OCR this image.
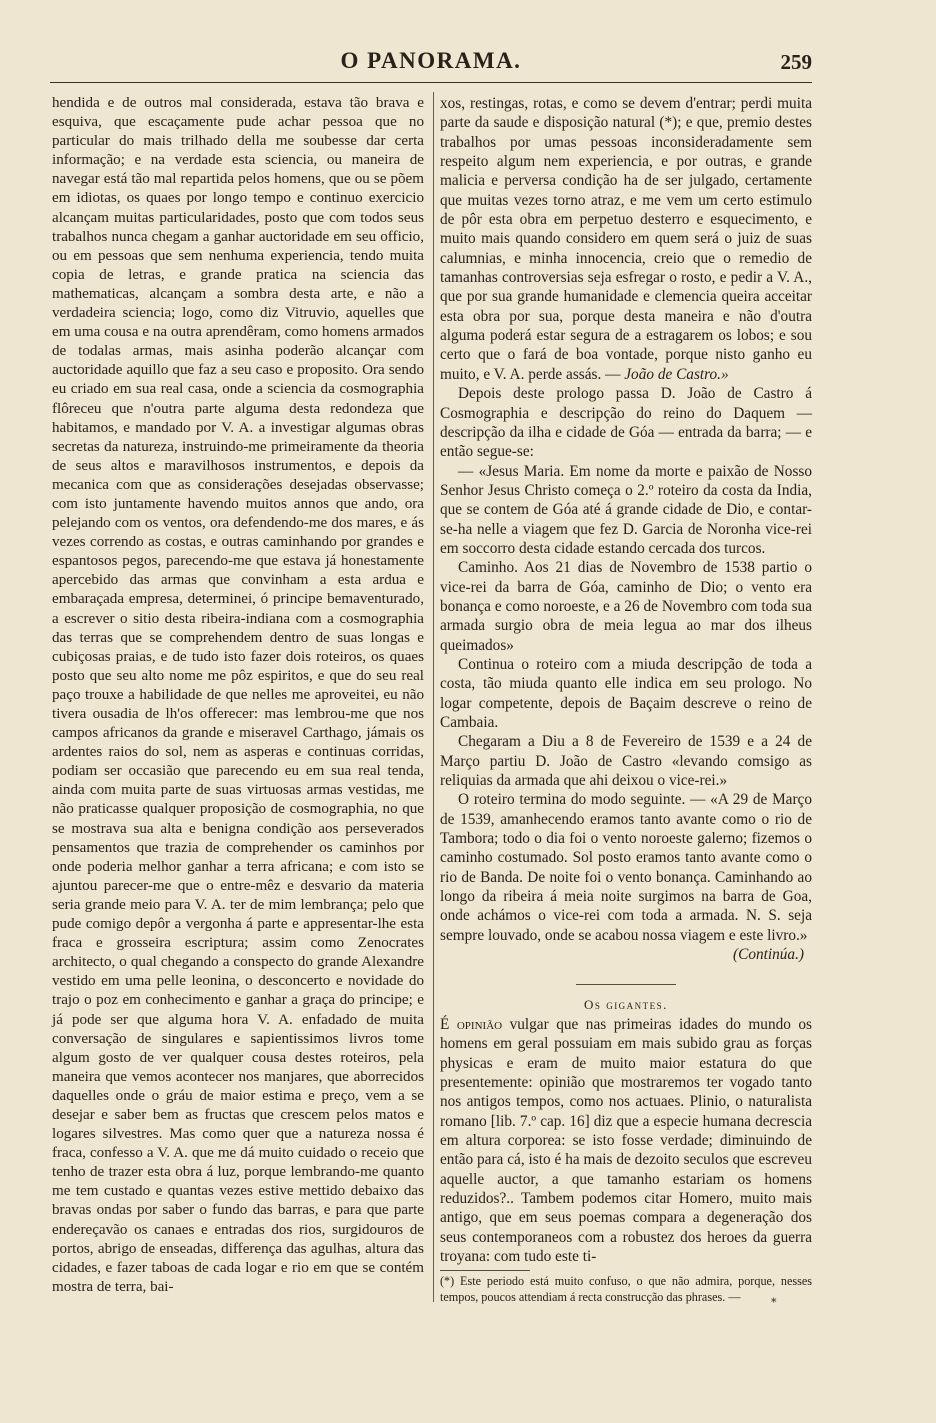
O PANORAMA.	259

hendida e de outros mal considerada, estava tão brava e esquiva, que escaçamente pude achar pessoa que no particular do mais trilhado della me soubesse dar certa informação; e na verdade esta sciencia, ou maneira de navegar está tão mal repartida pelos homens, que ou se põem em idiotas, os quaes por longo tempo e continuo exercicio alcançam muitas particularidades, posto que com todos seus trabalhos nunca chegam a ganhar auctoridade em seu officio, ou em pessoas que sem nenhuma experiencia, tendo muita copia de letras, e grande pratica na sciencia das mathematicas, alcançam a sombra desta arte, e não a verdadeira sciencia; logo, como diz Vitruvio, aquelles que em uma cousa e na outra aprendêram, como homens armados de todalas armas, mais asinha poderão alcançar com auctoridade aquillo que faz a seu caso e proposito. Ora sendo eu criado em sua real casa, onde a sciencia da cosmographia flôreceu que n'outra parte alguma desta redondeza que habitamos, e mandado por V. A. a investigar algumas obras secretas da natureza, instruindo-me primeiramente da theoria de seus altos e maravilhosos instrumentos, e depois da mecanica com que as considerações desejadas observasse; com isto juntamente havendo muitos annos que ando, ora pelejando com os ventos, ora defendendo-me dos mares, e ás vezes correndo as costas, e outras caminhando por grandes e espantosos pegos, parecendo-me que estava já honestamente apercebido das armas que convinham a esta ardua e embaraçada empresa, determinei, ó principe bemaventurado, a escrever o sitio desta ribeira-indiana com a cosmographia das terras que se comprehendem dentro de suas longas e cubiçosas praias, e de tudo isto fazer dois roteiros, os quaes posto que seu alto nome me pôz espiritos, e que do seu real paço trouxe a habilidade de que nelles me aproveitei, eu não tivera ousadia de lh'os offerecer: mas lembrou-me que nos campos africanos da grande e miseravel Carthago, jámais os ardentes raios do sol, nem as asperas e continuas corridas, podiam ser occasião que parecendo eu em sua real tenda, ainda com muita parte de suas virtuosas armas vestidas, me não praticasse qualquer proposição de cosmographia, no que se mostrava sua alta e benigna condição aos perseverados pensamentos que trazia de comprehender os caminhos por onde poderia melhor ganhar a terra africana; e com isto se ajuntou parecer-me que o entre-mêz e desvario da materia seria grande meio para V. A. ter de mim lembrança; pelo que pude comigo depôr a vergonha á parte e appresentar-lhe esta fraca e grosseira escriptura; assim como Zenocrates architecto, o qual chegando a conspecto do grande Alexandre vestido em uma pelle leonina, o desconcerto e novidade do trajo o poz em conhecimento e ganhar a graça do principe; e já pode ser que alguma hora V. A. enfadado de muita conversação de singulares e sapientissimos livros tome algum gosto de ver qualquer cousa destes roteiros, pela maneira que vemos acontecer nos manjares, que aborrecidos daquelles onde o gráu de maior estima e preço, vem a se desejar e saber bem as fructas que crescem pelos matos e logares silvestres. Mas como quer que a natureza nossa é fraca, confesso a V. A. que me dá muito cuidado o receio que tenho de trazer esta obra á luz, porque lembrando-me quanto me tem custado e quantas vezes estive mettido debaixo das bravas ondas por saber o fundo das barras, e para que parte endereçavão os canaes e entradas dos rios, surgidouros de portos, abrigo de enseadas, differença das agulhas, altura das cidades, e fazer taboas de cada logar e rio em que se contém mostra de terra, bai-

xos, restingas, rotas, e como se devem d'entrar; perdi muita parte da saude e disposição natural (*); e que, premio destes trabalhos por umas pessoas inconsideradamente sem respeito algum nem experiencia, e por outras, e grande malicia e perversa condição ha de ser julgado, certamente que muitas vezes torno atraz, e me vem um certo estimulo de pôr esta obra em perpetuo desterro e esquecimento, e muito mais quando considero em quem será o juiz de suas calumnias, e minha innocencia, creio que o remedio de tamanhas controversias seja esfregar o rosto, e pedir a V. A., que por sua grande humanidade e clemencia queira acceitar esta obra por sua, porque desta maneira e não d'outra alguma poderá estar segura de a estragarem os lobos; e sou certo que o fará de boa vontade, porque nisto ganho eu muito, e V. A. perde assás. — João de Castro.»

Depois deste prologo passa D. João de Castro á Cosmographia e descripção do reino do Daquem — descripção da ilha e cidade de Góa — entrada da barra; — e então segue-se:

— «Jesus Maria. Em nome da morte e paixão de Nosso Senhor Jesus Christo começa o 2.º roteiro da costa da India, que se contem de Góa até á grande cidade de Dio, e contar-se-ha nelle a viagem que fez D. Garcia de Noronha vice-rei em soccorro desta cidade estando cercada dos turcos.

Caminho. Aos 21 dias de Novembro de 1538 partio o vice-rei da barra de Góa, caminho de Dio; o vento era bonança e como noroeste, e a 26 de Novembro com toda sua armada surgio obra de meia legua ao mar dos ilheus queimados»

Continua o roteiro com a miuda descripção de toda a costa, tão miuda quanto elle indica em seu prologo. No logar competente, depois de Baçaim descreve o reino de Cambaia.

Chegaram a Diu a 8 de Fevereiro de 1539 e a 24 de Março partiu D. João de Castro «levando comsigo as reliquias da armada que ahi deixou o vice-rei.»

O roteiro termina do modo seguinte. — «A 29 de Março de 1539, amanhecendo eramos tanto avante como o rio de Tambora; todo o dia foi o vento noroeste galerno; fizemos o caminho costumado. Sol posto eramos tanto avante como o rio de Banda. De noite foi o vento bonança. Caminhando ao longo da ribeira á meia noite surgimos na barra de Goa, onde achámos o vice-rei com toda a armada. N. S. seja sempre louvado, onde se acabou nossa viagem e este livro.»

(Continúa.)

Os gigantes.

É opinião vulgar que nas primeiras idades do mundo os homens em geral possuiam em mais subido grau as forças physicas e eram de muito maior estatura do que presentemente: opinião que mostraremos ter vogado tanto nos antigos tempos, como nos actuaes. Plinio, o naturalista romano [lib. 7.º cap. 16] diz que a especie humana decrescia em altura corporea: se isto fosse verdade; diminuindo de então para cá, isto é ha mais de dezoito seculos que escreveu aquelle auctor, a que tamanho estariam os homens reduzidos?.. Tambem podemos citar Homero, muito mais antigo, que em seus poemas compara a degeneração dos seus contemporaneos com a robustez dos heroes da guerra troyana: com tudo este ti-

(*) Este periodo está muito confuso, o que não admira, porque, nesses tempos, poucos attendiam á recta construcção das phrases. —	*
